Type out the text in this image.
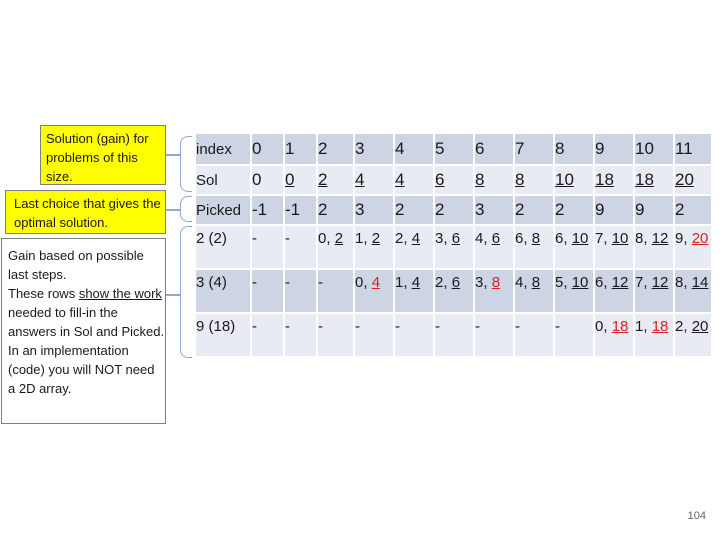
Solution (gain) for problems of this size.
Last choice that gives the optimal solution.
Gain based on possible last steps.
These rows show the work needed to fill-in the answers in Sol and Picked.
In an implementation (code) you will NOT need a 2D array.
index	0	1	2	3	4	5	6	7	8	9	10	11
Sol	0	0	2	4	4	6	8	8	10	18	18	20
Picked	-1	-1	2	3	2	2	3	2	2	9	9	2
2 (2)	-	-	0, 2	1, 2	2, 4	3, 6	4, 6	6, 8	6, 10	7, 10	8, 12	9, 20
3 (4)	-	-	-	0, 4	1, 4	2, 6	3, 8	4, 8	5, 10	6, 12	7, 12	8, 14
9 (18)	-	-	-	-	-	-	-	-	-	0, 18	1, 18	2, 20
104
